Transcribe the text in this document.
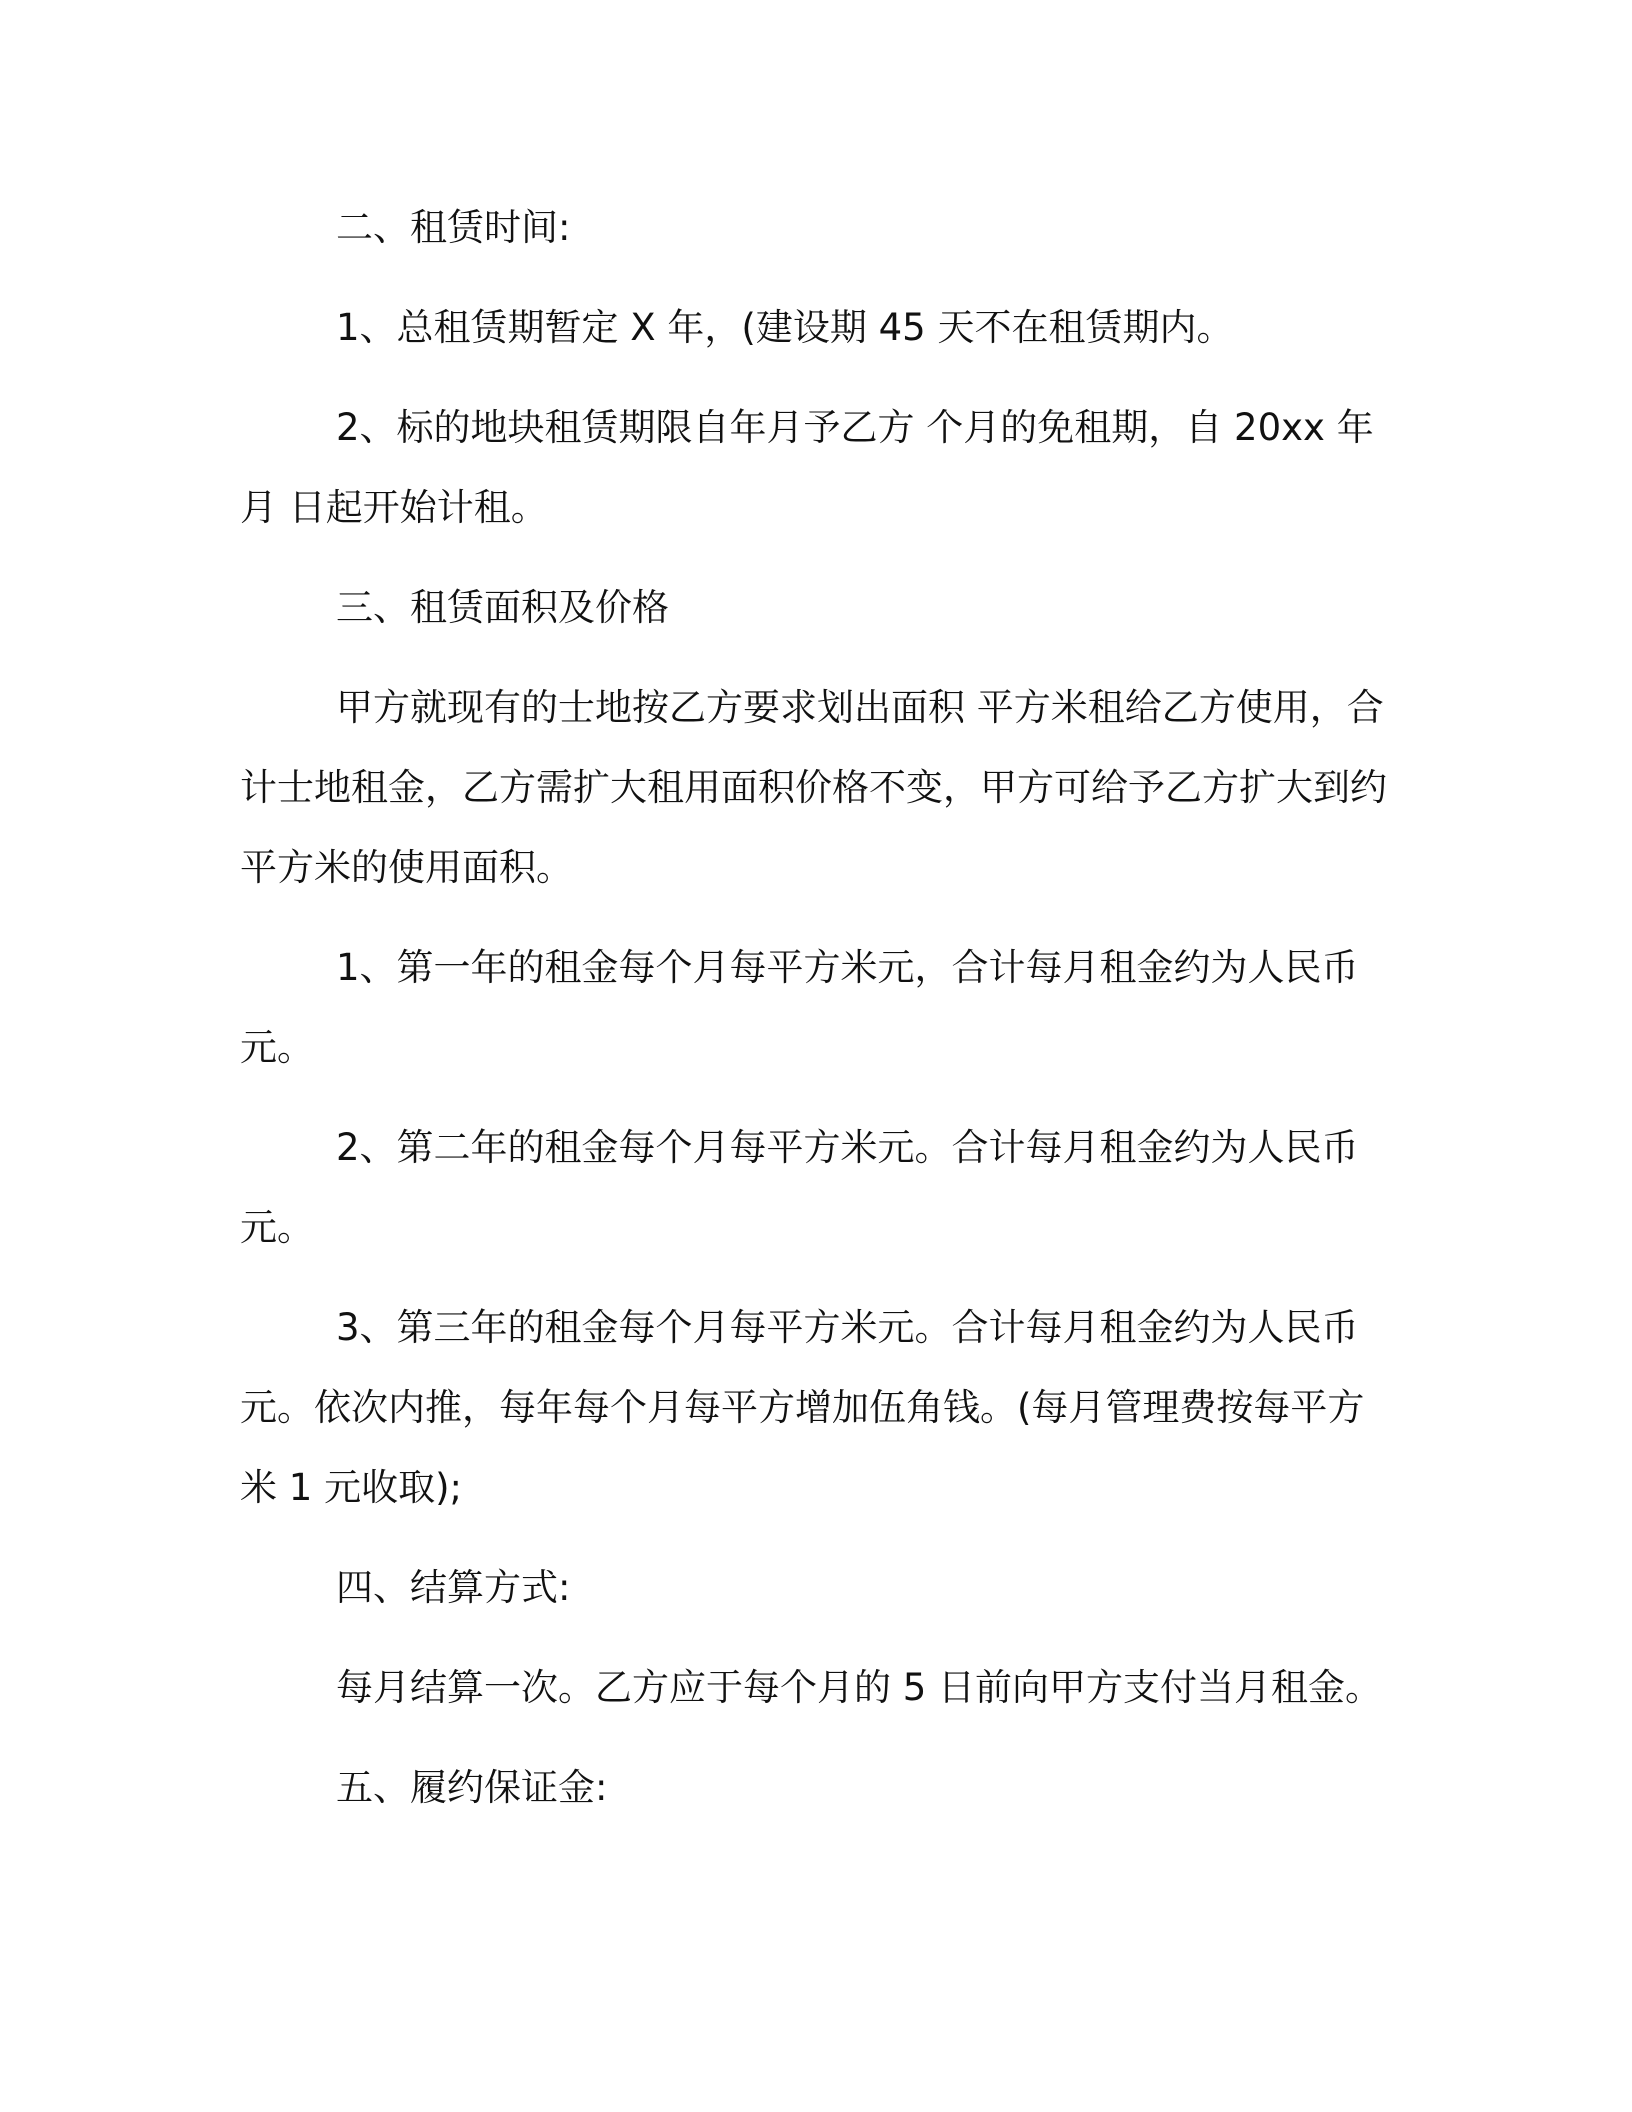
二、租赁时间:

1、总租赁期暂定 X 年，(建设期 45 天不在租赁期内。

2、标的地块租赁期限自年月予乙方 个月的免租期，自 20xx 年月 日起开始计租。

三、租赁面积及价格

甲方就现有的士地按乙方要求划出面积 平方米租给乙方使用，合计士地租金，乙方需扩大租用面积价格不变，甲方可给予乙方扩大到约 平方米的使用面积。

1、第一年的租金每个月每平方米元，合计每月租金约为人民币元。

2、第二年的租金每个月每平方米元。合计每月租金约为人民币元。

3、第三年的租金每个月每平方米元。合计每月租金约为人民币元。依次内推，每年每个月每平方增加伍角钱。(每月管理费按每平方米 1 元收取);

四、结算方式:

每月结算一次。乙方应于每个月的 5 日前向甲方支付当月租金。

五、履约保证金:
